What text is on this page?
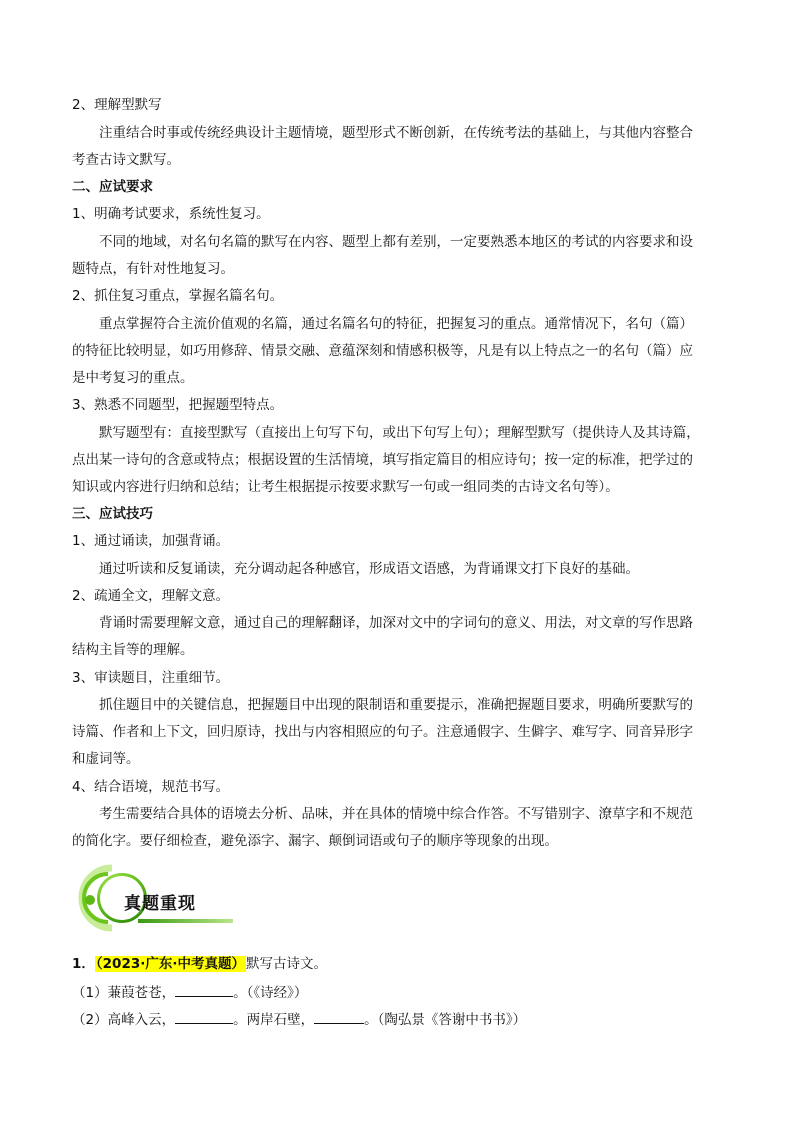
2、理解型默写
注重结合时事或传统经典设计主题情境，题型形式不断创新，在传统考法的基础上，与其他内容整合
考查古诗文默写。
二、应试要求
1、明确考试要求，系统性复习。
不同的地域，对名句名篇的默写在内容、题型上都有差别，一定要熟悉本地区的考试的内容要求和设
题特点，有针对性地复习。
2、抓住复习重点，掌握名篇名句。
重点掌握符合主流价值观的名篇，通过名篇名句的特征，把握复习的重点。通常情况下，名句（篇）
的特征比较明显，如巧用修辞、情景交融、意蕴深刻和情感积极等，凡是有以上特点之一的名句（篇）应
是中考复习的重点。
3、熟悉不同题型，把握题型特点。
默写题型有：直接型默写（直接出上句写下句，或出下句写上句）；理解型默写（提供诗人及其诗篇，
点出某一诗句的含意或特点；根据设置的生活情境，填写指定篇目的相应诗句；按一定的标准，把学过的
知识或内容进行归纳和总结；让考生根据提示按要求默写一句或一组同类的古诗文名句等）。
三、应试技巧
1、通过诵读，加强背诵。
通过听读和反复诵读，充分调动起各种感官，形成语文语感，为背诵课文打下良好的基础。
2、疏通全文，理解文意。
背诵时需要理解文意，通过自己的理解翻译，加深对文中的字词句的意义、用法，对文章的写作思路
结构主旨等的理解。
3、审读题目，注重细节。
抓住题目中的关键信息，把握题目中出现的限制语和重要提示，准确把握题目要求，明确所要默写的
诗篇、作者和上下文，回归原诗，找出与内容相照应的句子。注意通假字、生僻字、难写字、同音异形字
和虚词等。
4、结合语境，规范书写。
考生需要结合具体的语境去分析、品味，并在具体的情境中综合作答。不写错别字、潦草字和不规范
的简化字。要仔细检查，避免添字、漏字、颠倒词语或句子的顺序等现象的出现。
真题重现
1．（2023·广东·中考真题）默写古诗文。
（1）蒹葭苍苍，	。（《诗经》）
（2）高峰入云，	。两岸石壁，	。（陶弘景《答谢中书书》）
